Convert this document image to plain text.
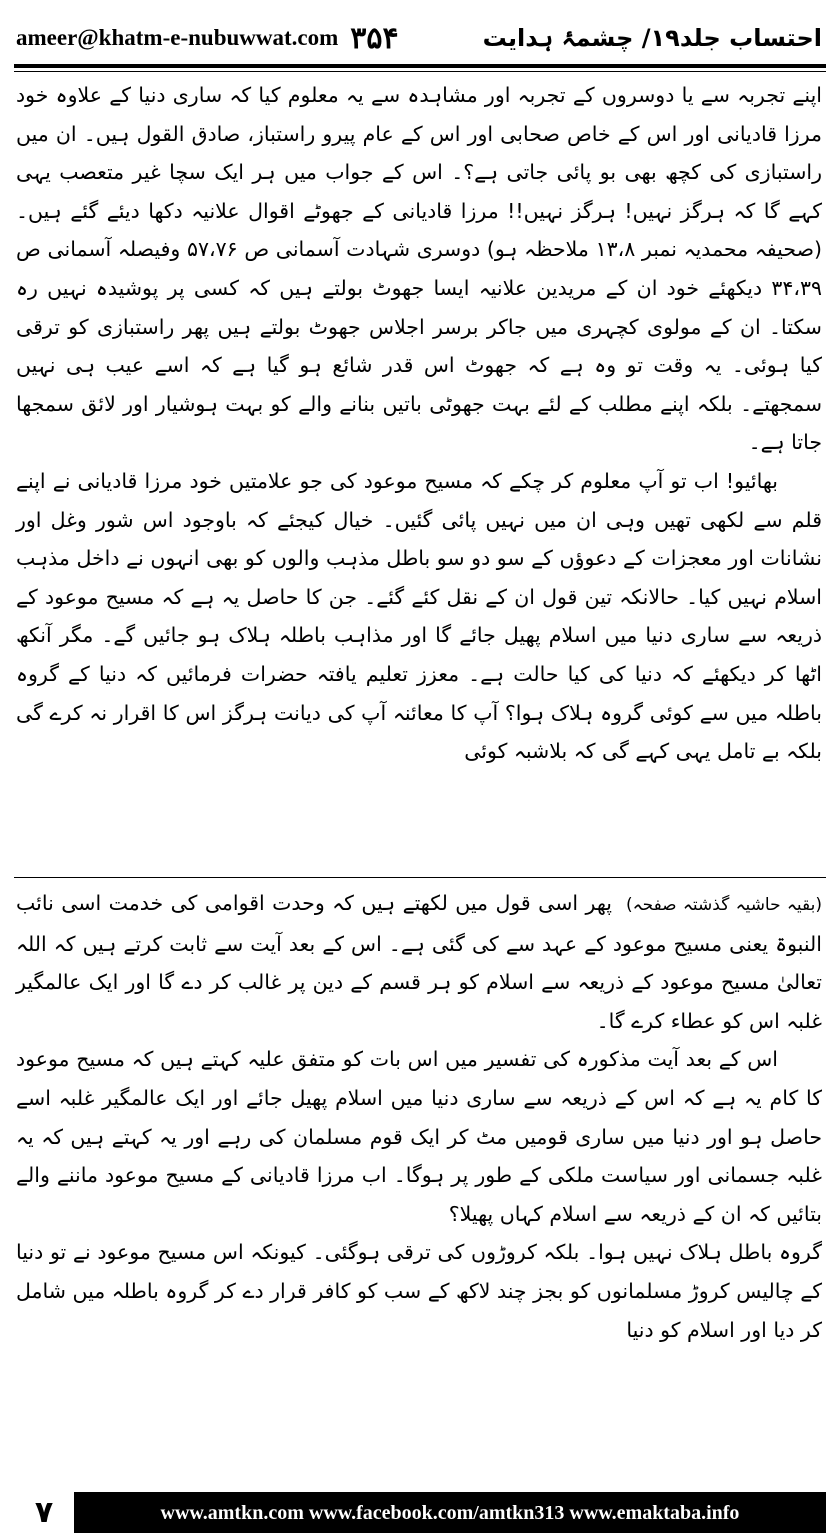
ameer@khatm-e-nubuwwat.com ۳۵۴	احتساب جلد۱۹/ چشمۂ ہدایت

اپنے تجربہ سے یا دوسروں کے تجربہ اور مشاہدہ سے یہ معلوم کیا کہ ساری دنیا کے علاوہ خود مرزا قادیانی اور اس کے خاص صحابی اور اس کے عام پیرو راستباز، صادق القول ہیں۔ ان میں راستبازی کی کچھ بھی بو پائی جاتی ہے؟۔ اس کے جواب میں ہر ایک سچا غیر متعصب یہی کہے گا کہ ہرگز نہیں! ہرگز نہیں!! مرزا قادیانی کے جھوٹے اقوال علانیہ دکھا دیئے گئے ہیں۔ (صحیفہ محمدیہ نمبر ۱۳،۸ ملاحظہ ہو) دوسری شہادت آسمانی ص ۵۷،۷۶ وفیصلہ آسمانی ص ۳۴،۳۹ دیکھئے خود ان کے مریدین علانیہ ایسا جھوٹ بولتے ہیں کہ کسی پر پوشیدہ نہیں رہ سکتا۔ ان کے مولوی کچہری میں جاکر برسر اجلاس جھوٹ بولتے ہیں پھر راستبازی کو ترقی کیا ہوئی۔ یہ وقت تو وہ ہے کہ جھوٹ اس قدر شائع ہو گیا ہے کہ اسے عیب ہی نہیں سمجھتے۔ بلکہ اپنے مطلب کے لئے بہت جھوٹی باتیں بنانے والے کو بہت ہوشیار اور لائق سمجھا جاتا ہے۔

بھائیو! اب تو آپ معلوم کر چکے کہ مسیح موعود کی جو علامتیں خود مرزا قادیانی نے اپنے قلم سے لکھی تھیں وہی ان میں نہیں پائی گئیں۔ خیال کیجئے کہ باوجود اس شور وغل اور نشانات اور معجزات کے دعوؤں کے سو دو سو باطل مذہب والوں کو بھی انہوں نے داخل مذہب اسلام نہیں کیا۔ حالانکہ تین قول ان کے نقل کئے گئے۔ جن کا حاصل یہ ہے کہ مسیح موعود کے ذریعہ سے ساری دنیا میں اسلام پھیل جائے گا اور مذاہب باطلہ ہلاک ہو جائیں گے۔ مگر آنکھ اٹھا کر دیکھئے کہ دنیا کی کیا حالت ہے۔ معزز تعلیم یافتہ حضرات فرمائیں کہ دنیا کے گروہ باطلہ میں سے کوئی گروہ ہلاک ہوا؟ آپ کا معائنہ آپ کی دیانت ہرگز اس کا اقرار نہ کرے گی بلکہ بے تامل یہی کہے گی کہ بلاشبہ کوئی

(بقیہ حاشیہ گذشتہ صفحہ)پھر اسی قول میں لکھتے ہیں کہ وحدت اقوامی کی خدمت اسی نائب النبوۃ یعنی مسیح موعود کے عہد سے کی گئی ہے۔ اس کے بعد آیت سے ثابت کرتے ہیں کہ اللہ تعالیٰ مسیح موعود کے ذریعہ سے اسلام کو ہر قسم کے دین پر غالب کر دے گا اور ایک عالمگیر غلبہ اس کو عطاء کرے گا۔

اس کے بعد آیت مذکورہ کی تفسیر میں اس بات کو متفق علیہ کہتے ہیں کہ مسیح موعود کا کام یہ ہے کہ اس کے ذریعہ سے ساری دنیا میں اسلام پھیل جائے اور ایک عالمگیر غلبہ اسے حاصل ہو اور دنیا میں ساری قومیں مٹ کر ایک قوم مسلمان کی رہے اور یہ کہتے ہیں کہ یہ غلبہ جسمانی اور سیاست ملکی کے طور پر ہوگا۔ اب مرزا قادیانی کے مسیح موعود ماننے والے بتائیں کہ ان کے ذریعہ سے اسلام کہاں پھیلا؟

گروہ باطل ہلاک نہیں ہوا۔ بلکہ کروڑوں کی ترقی ہوگئی۔ کیونکہ اس مسیح موعود نے تو دنیا کے چالیس کروڑ مسلمانوں کو بجز چند لاکھ کے سب کو کافر قرار دے کر گروہ باطلہ میں شامل کر دیا اور اسلام کو دنیا

۷	www.amtkn.com www.facebook.com/amtkn313 www.emaktaba.info
